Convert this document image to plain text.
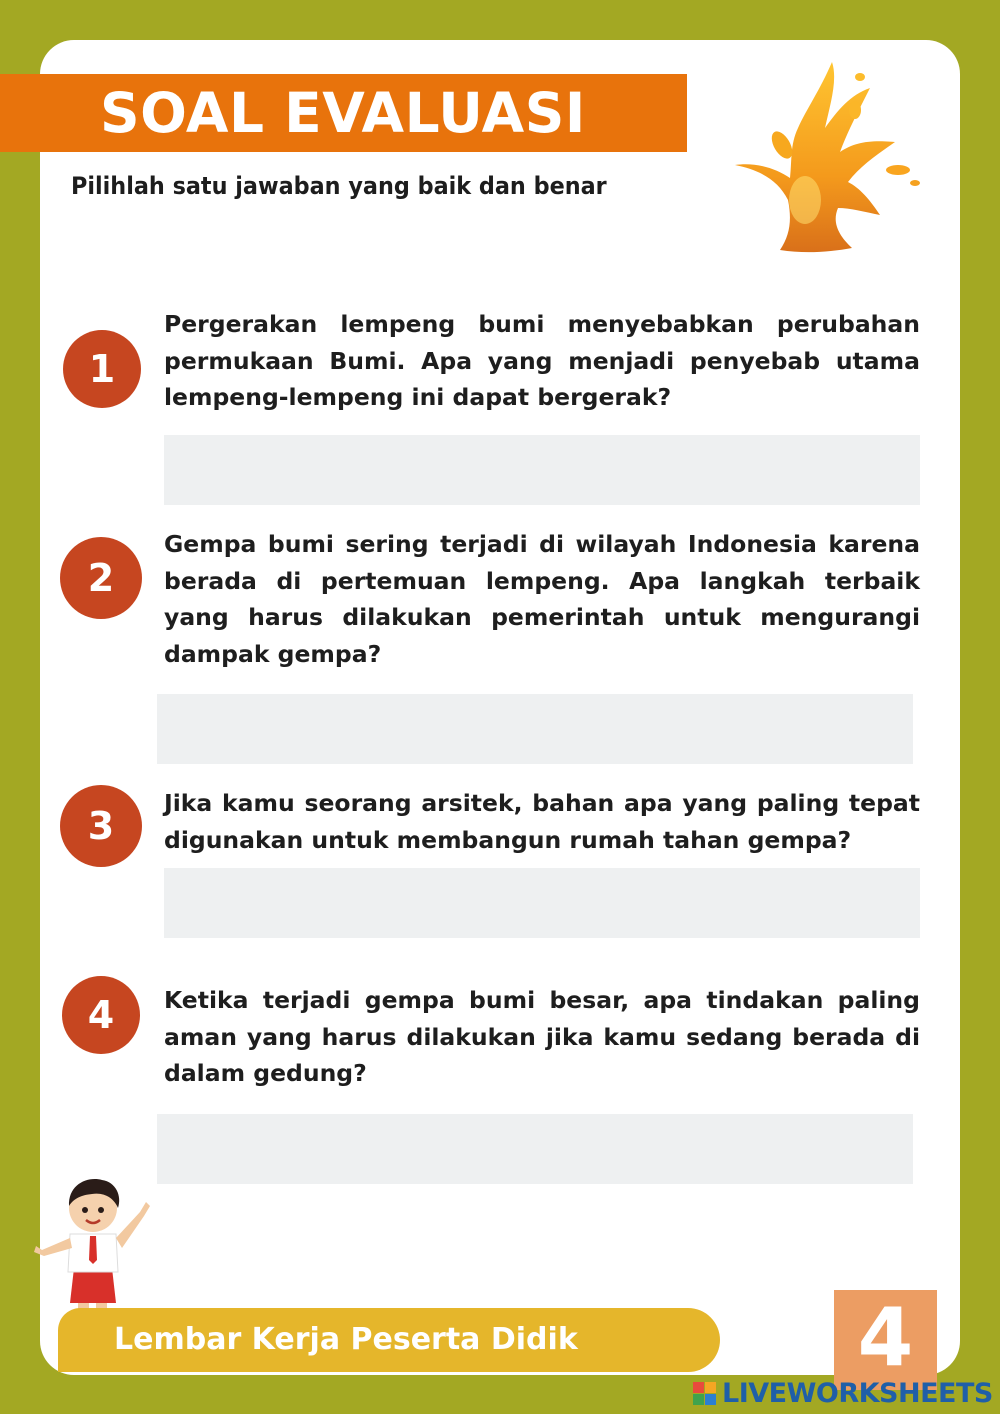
SOAL EVALUASI
Pilihlah satu jawaban yang baik dan benar
1
Pergerakan lempeng bumi menyebabkan perubahan permukaan Bumi. Apa yang menjadi penyebab utama lempeng-lempeng ini dapat bergerak?
2
Gempa bumi sering terjadi di wilayah Indonesia karena berada di pertemuan lempeng. Apa langkah terbaik yang harus dilakukan pemerintah untuk mengurangi dampak gempa?
3
Jika kamu seorang arsitek, bahan apa yang paling tepat digunakan untuk membangun rumah tahan gempa?
4	Ketika terjadi gempa bumi besar, apa tindakan paling aman yang harus dilakukan jika kamu sedang berada di dalam gedung?
Lembar Kerja Peserta Didik	4
LIVEWORKSHEETS
